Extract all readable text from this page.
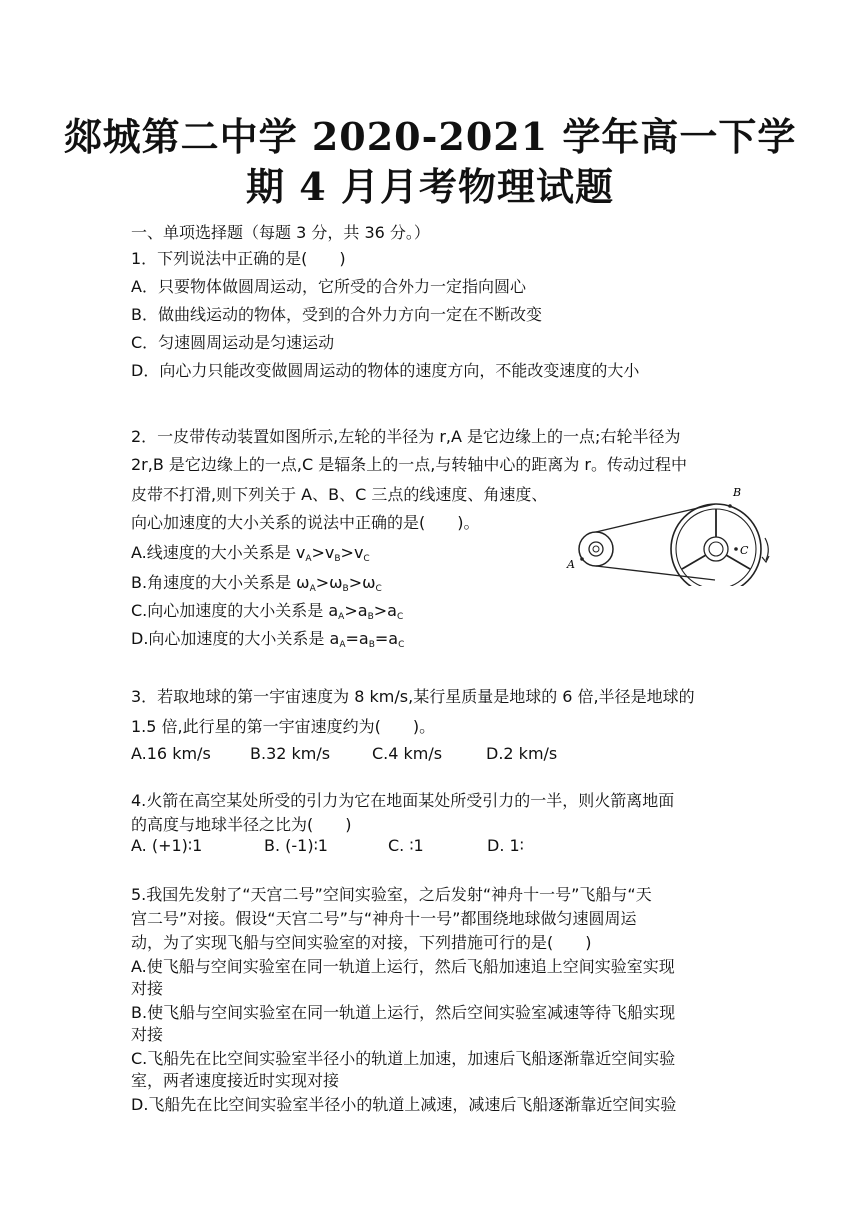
郯城第二中学 2020-2021 学年高一下学
期 4 月月考物理试题
一、单项选择题（每题 3 分，共 36 分。）
1．下列说法中正确的是(　　)
A．只要物体做圆周运动，它所受的合外力一定指向圆心
B．做曲线运动的物体，受到的合外力方向一定在不断改变
C．匀速圆周运动是匀速运动
D．向心力只能改变做圆周运动的物体的速度方向，不能改变速度的大小
2．一皮带传动装置如图所示,左轮的半径为 r,A 是它边缘上的一点;右轮半径为
2r,B 是它边缘上的一点,C 是辐条上的一点,与转轴中心的距离为 r。传动过程中
皮带不打滑,则下列关于 A、B、C 三点的线速度、角速度、
向心加速度的大小关系的说法中正确的是(　　)。
A.线速度的大小关系是 $v_A>v_B>v_C$
B.角速度的大小关系是 $\omega_A>\omega_B>\omega_C$
C.向心加速度的大小关系是 $a_A>a_B>a_C$
D.向心加速度的大小关系是 $a_A=a_B=a_C$
A
B
C
3．若取地球的第一宇宙速度为 8 km/s,某行星质量是地球的 6 倍,半径是地球的
1.5 倍,此行星的第一宇宙速度约为(　　)。
A.16 km/s B.32 km/s	C.4 km/s	D.2 km/s
4.火箭在高空某处所受的引力为它在地面某处所受引力的一半，则火箭离地面
的高度与地球半径之比为(　　)
A. (+1)∶1	B. (-1)∶1	C. ∶1	D. 1∶
5.我国先发射了“天宫二号”空间实验室，之后发射“神舟十一号”飞船与“天
宫二号”对接。假设“天宫二号”与“神舟十一号”都围绕地球做匀速圆周运
动，为了实现飞船与空间实验室的对接，下列措施可行的是(　　)
A.使飞船与空间实验室在同一轨道上运行，然后飞船加速追上空间实验室实现
对接
B.使飞船与空间实验室在同一轨道上运行，然后空间实验室减速等待飞船实现
对接
C.飞船先在比空间实验室半径小的轨道上加速，加速后飞船逐渐靠近空间实验
室，两者速度接近时实现对接
D.飞船先在比空间实验室半径小的轨道上减速，减速后飞船逐渐靠近空间实验
